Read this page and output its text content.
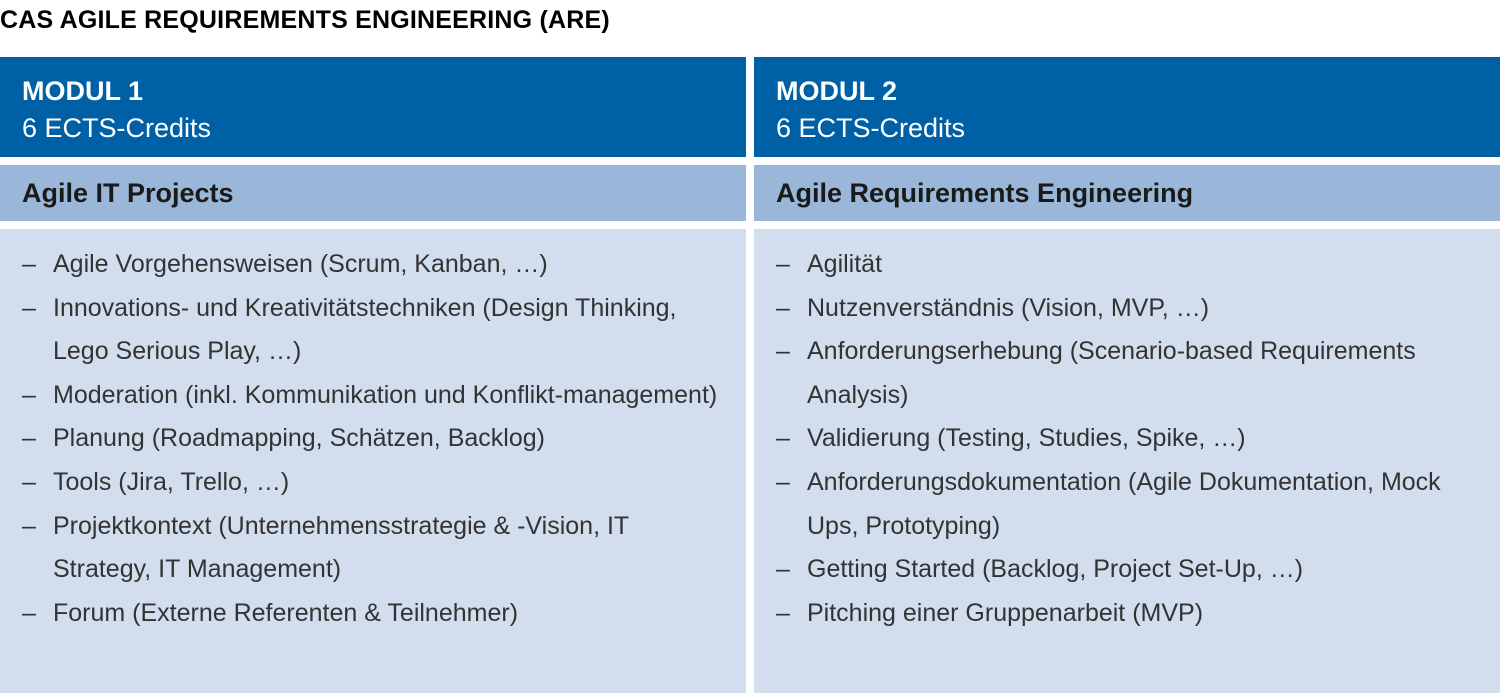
CAS AGILE REQUIREMENTS ENGINEERING (ARE)
MODUL 1
6 ECTS-Credits
Agile IT Projects
– Agile Vorgehensweisen (Scrum, Kanban, …)
– Innovations- und Kreativitätstechniken (Design Thinking, Lego Serious Play, …)
– Moderation (inkl. Kommunikation und Konflikt-management)
– Planung (Roadmapping, Schätzen, Backlog)
– Tools (Jira, Trello, …)
– Projektkontext (Unternehmensstrategie & -Vision, IT Strategy, IT Management)
– Forum (Externe Referenten & Teilnehmer)
MODUL 2
6 ECTS-Credits
Agile Requirements Engineering
– Agilität
– Nutzenverständnis (Vision, MVP, …)
– Anforderungserhebung (Scenario-based Requirements Analysis)
– Validierung (Testing, Studies, Spike, …)
– Anforderungsdokumentation (Agile Dokumentation, Mock Ups, Prototyping)
– Getting Started (Backlog, Project Set-Up, …)
– Pitching einer Gruppenarbeit (MVP)
